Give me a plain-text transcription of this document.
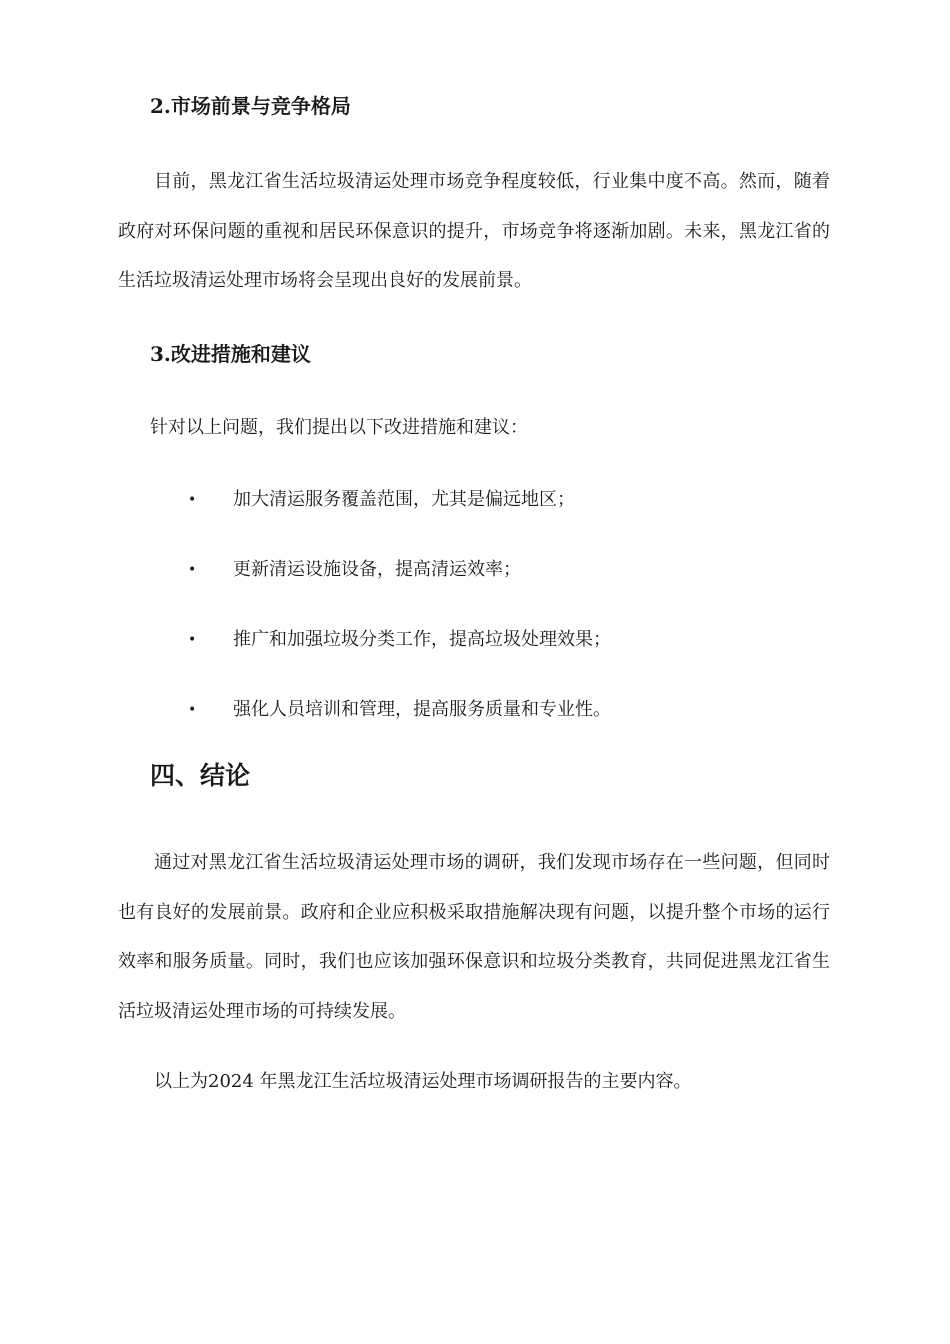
2.市场前景与竞争格局

目前，黑龙江省生活垃圾清运处理市场竞争程度较低，行业集中度不高。然而，随着政府对环保问题的重视和居民环保意识的提升，市场竞争将逐渐加剧。未来，黑龙江省的生活垃圾清运处理市场将会呈现出良好的发展前景。

3.改进措施和建议

针对以上问题，我们提出以下改进措施和建议：

• 加大清运服务覆盖范围，尤其是偏远地区；
• 更新清运设施设备，提高清运效率；
• 推广和加强垃圾分类工作，提高垃圾处理效果；
• 强化人员培训和管理，提高服务质量和专业性。
四、结论

通过对黑龙江省生活垃圾清运处理市场的调研，我们发现市场存在一些问题，但同时也有良好的发展前景。政府和企业应积极采取措施解决现有问题，以提升整个市场的运行效率和服务质量。同时，我们也应该加强环保意识和垃圾分类教育，共同促进黑龙江省生活垃圾清运处理市场的可持续发展。

以上为2024 年黑龙江生活垃圾清运处理市场调研报告的主要内容。
